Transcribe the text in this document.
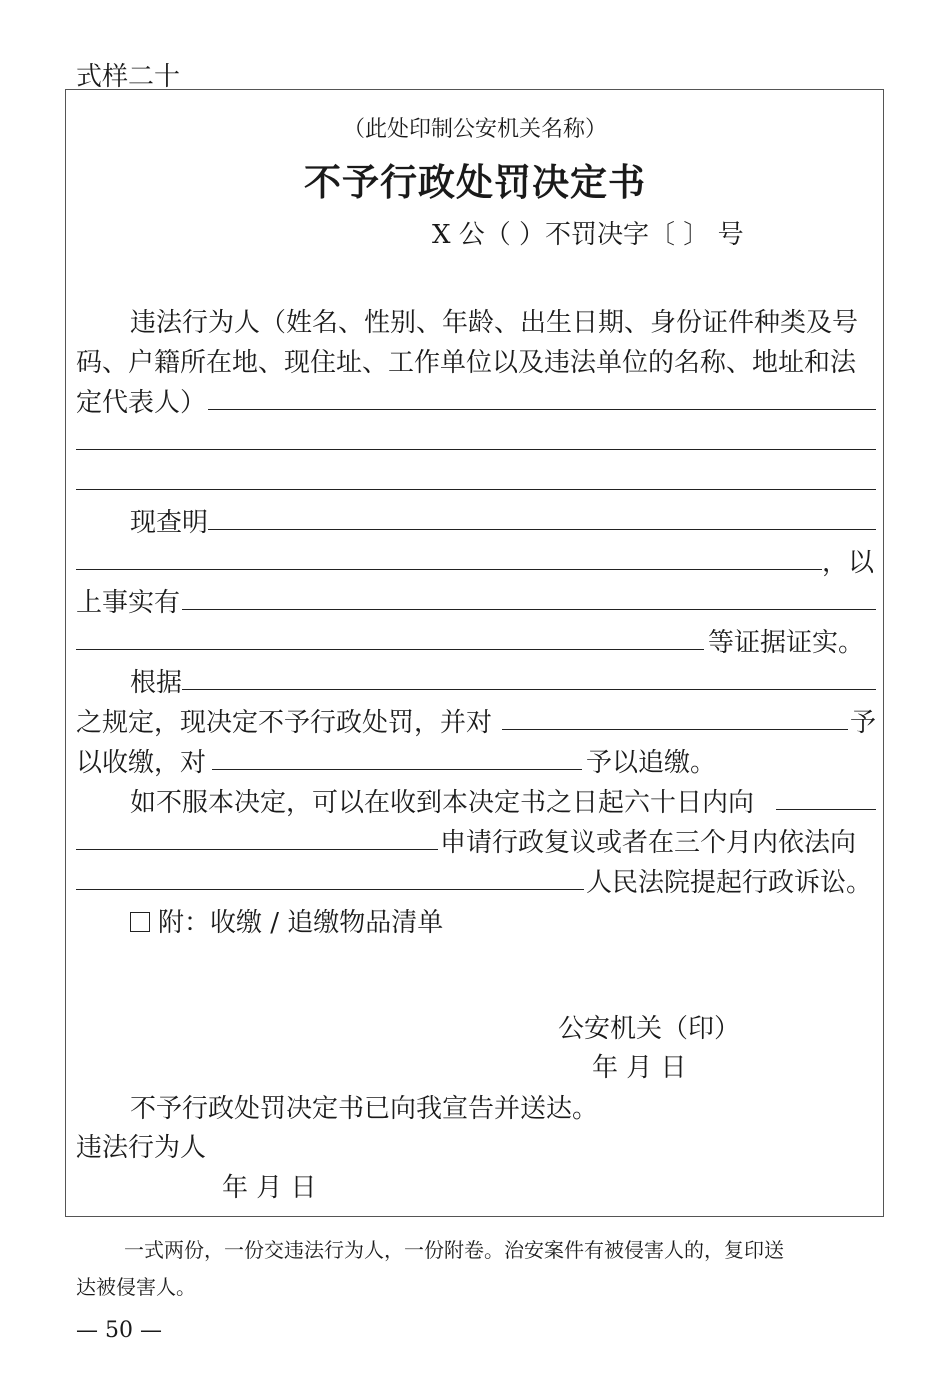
式样二十
（此处印制公安机关名称）
不予行政处罚决定书
X 公（ ）不罚决字〔 〕 号
违法行为人（姓名、性别、年龄、出生日期、身份证件种类及号
码、户籍所在地、现住址、工作单位以及违法单位的名称、地址和法
定代表人）
现查明
，以
上事实有
等证据证实。
根据
之规定，现决定不予行政处罚，并对	予
以收缴，对	予以追缴。
如不服本决定，可以在收到本决定书之日起六十日内向
申请行政复议或者在三个月内依法向
人民法院提起行政诉讼。
附：收缴 / 追缴物品清单
公安机关（印）
年 月 日
不予行政处罚决定书已向我宣告并送达。
违法行为人
年 月 日
一式两份，一份交违法行为人，一份附卷。治安案件有被侵害人的，复印送
达被侵害人。
— 50 —
